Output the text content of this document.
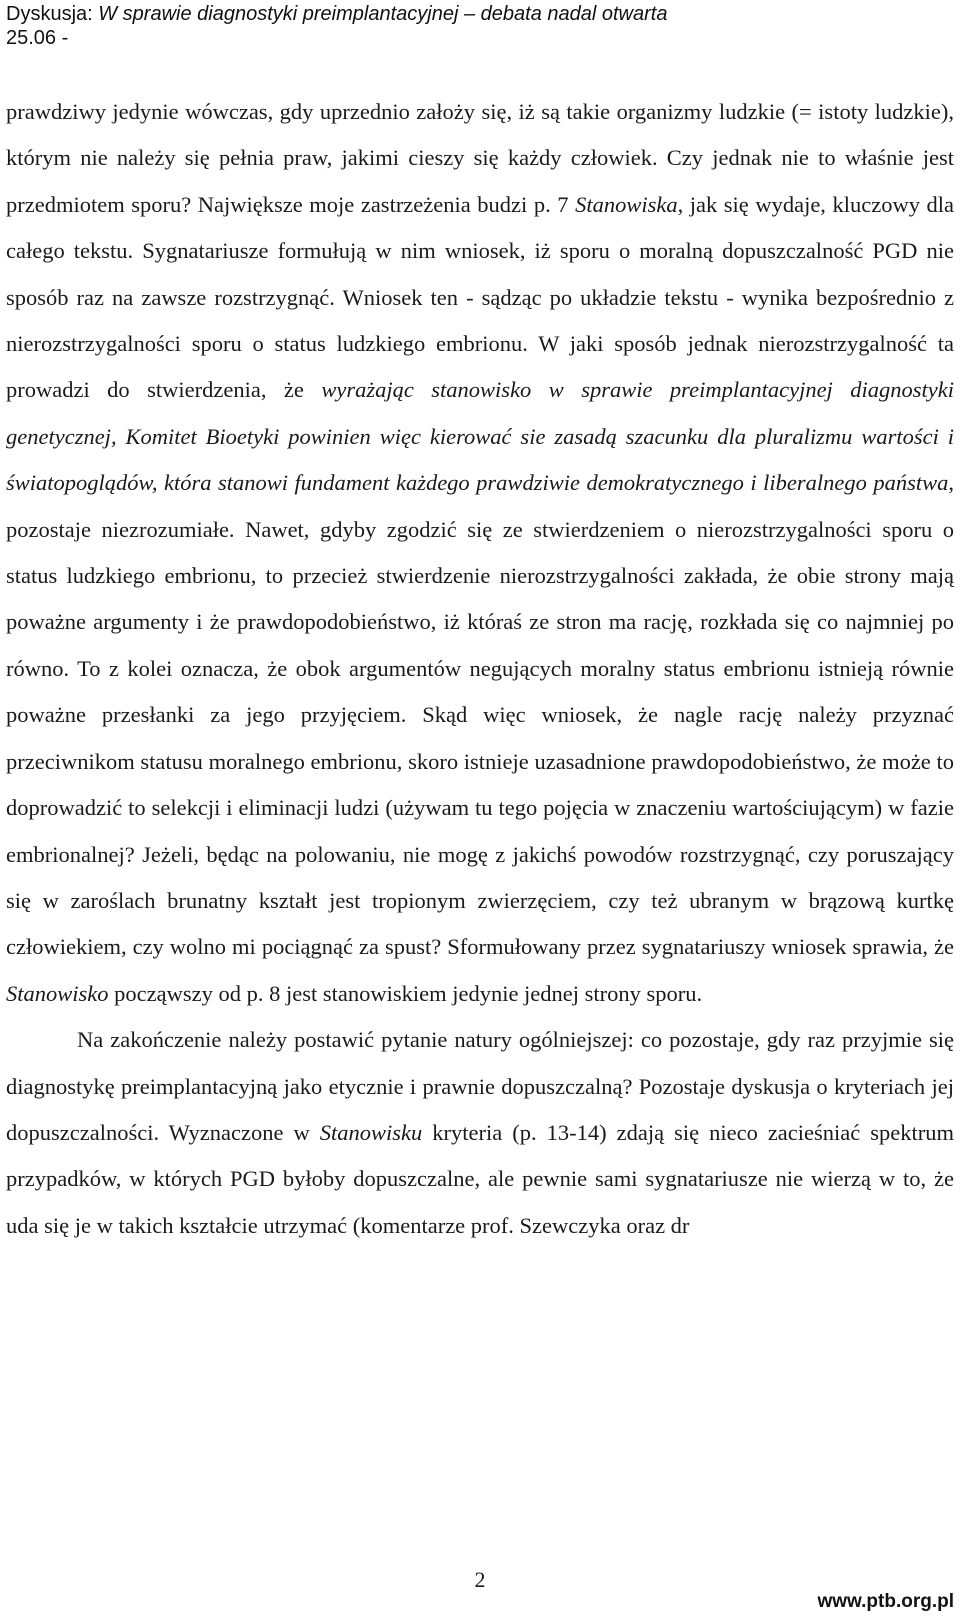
Dyskusja: W sprawie diagnostyki preimplantacyjnej – debata nadal otwarta
25.06 -

prawdziwy jedynie wówczas, gdy uprzednio założy się, iż są takie organizmy ludzkie (= istoty ludzkie), którym nie należy się pełnia praw, jakimi cieszy się każdy człowiek. Czy jednak nie to właśnie jest przedmiotem sporu? Największe moje zastrzeżenia budzi p. 7 Stanowiska, jak się wydaje, kluczowy dla całego tekstu. Sygnatariusze formułują w nim wniosek, iż sporu o moralną dopuszczalność PGD nie sposób raz na zawsze rozstrzygnąć. Wniosek ten - sądząc po układzie tekstu - wynika bezpośrednio z nierozstrzygalności sporu o status ludzkiego embrionu. W jaki sposób jednak nierozstrzygalność ta prowadzi do stwierdzenia, że wyrażając stanowisko w sprawie preimplantacyjnej diagnostyki genetycznej, Komitet Bioetyki powinien więc kierować sie zasadą szacunku dla pluralizmu wartości i światopoglądów, która stanowi fundament każdego prawdziwie demokratycznego i liberalnego państwa, pozostaje niezrozumiałe. Nawet, gdyby zgodzić się ze stwierdzeniem o nierozstrzygalności sporu o status ludzkiego embrionu, to przecież stwierdzenie nierozstrzygalności zakłada, że obie strony mają poważne argumenty i że prawdopodobieństwo, iż któraś ze stron ma rację, rozkłada się co najmniej po równo. To z kolei oznacza, że obok argumentów negujących moralny status embrionu istnieją równie poważne przesłanki za jego przyjęciem. Skąd więc wniosek, że nagle rację należy przyznać przeciwnikom statusu moralnego embrionu, skoro istnieje uzasadnione prawdopodobieństwo, że może to doprowadzić to selekcji i eliminacji ludzi (używam tu tego pojęcia w znaczeniu wartościującym) w fazie embrionalnej? Jeżeli, będąc na polowaniu, nie mogę z jakichś powodów rozstrzygnąć, czy poruszający się w zaroślach brunatny kształt jest tropionym zwierzęciem, czy też ubranym w brązową kurtkę człowiekiem, czy wolno mi pociągnąć za spust? Sformułowany przez sygnatariuszy wniosek sprawia, że Stanowisko począwszy od p. 8 jest stanowiskiem jedynie jednej strony sporu.

Na zakończenie należy postawić pytanie natury ogólniejszej: co pozostaje, gdy raz przyjmie się diagnostykę preimplantacyjną jako etycznie i prawnie dopuszczalną? Pozostaje dyskusja o kryteriach jej dopuszczalności. Wyznaczone w Stanowisku kryteria (p. 13-14) zdają się nieco zacieśniać spektrum przypadków, w których PGD byłoby dopuszczalne, ale pewnie sami sygnatariusze nie wierzą w to, że uda się je w takich kształcie utrzymać (komentarze prof. Szewczyka oraz dr

2
www.ptb.org.pl
